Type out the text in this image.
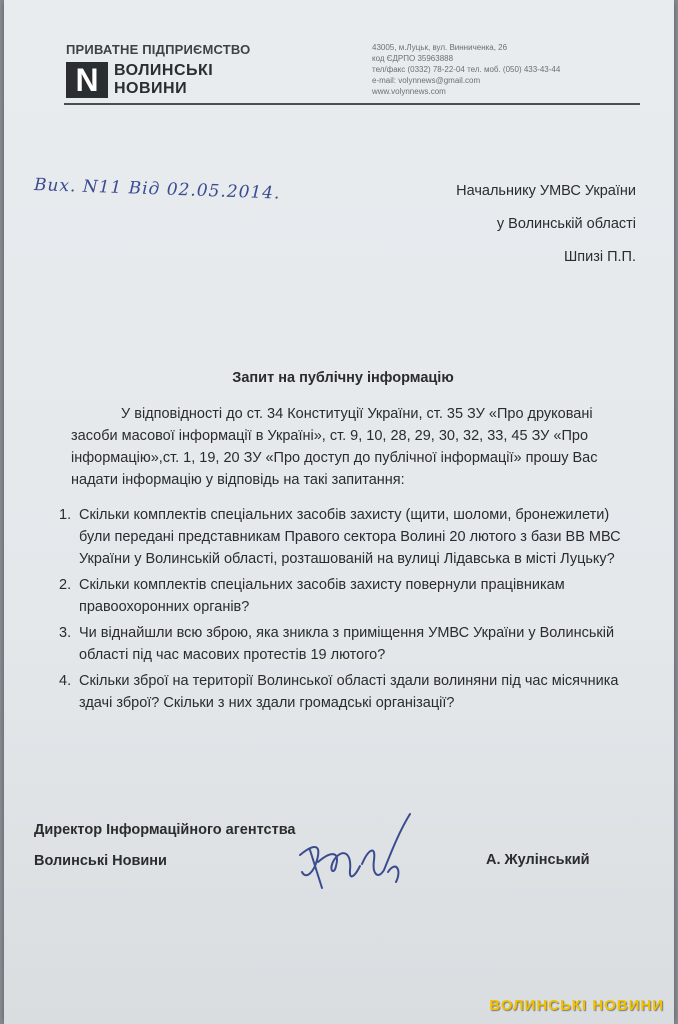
ПРИВАТНЕ ПІДПРИЄМСТВО
N ВОЛИНСЬКІ
НОВИНИ
43005, м.Луцьк, вул. Винниченка, 26
код ЄДРПО 35963888
тел/факс (0332) 78-22-04 тел. моб. (050) 433-43-44
e-mail: volynnews@gmail.com
www.volynnews.com
Вих. N11 Від 02.05.2014.	Начальнику УМВС України
у Волинській області
Шпизі П.П.
Запит на публічну інформацію
У відповідності до ст. 34 Конституції України, ст. 35 ЗУ «Про друковані засоби масової інформації в Україні», ст. 9, 10, 28, 29, 30, 32, 33, 45 ЗУ «Про інформацію»,ст. 1, 19, 20 ЗУ «Про доступ до публічної інформації» прошу Вас надати інформацію у відповідь на такі запитання:
1. Скільки комплектів спеціальних засобів захисту (щити, шоломи, бронежилети) були передані представникам Правого сектора Волині 20 лютого з бази ВВ МВС України у Волинській області, розташованій на вулиці Лідавська в місті Луцьку?
2. Скільки комплектів спеціальних засобів захисту повернули працівникам правоохоронних органів?
3. Чи віднайшли всю зброю, яка зникла з приміщення УМВС України у Волинській області під час масових протестів 19 лютого?
4. Скільки зброї на території Волинської області здали волиняни під час місячника здачі зброї? Скільки з них здали громадські організації?
Директор Інформаційного агентства
Волинські Новини	А. Жулінський
ВОЛИНСЬКІ НОВИНИ
